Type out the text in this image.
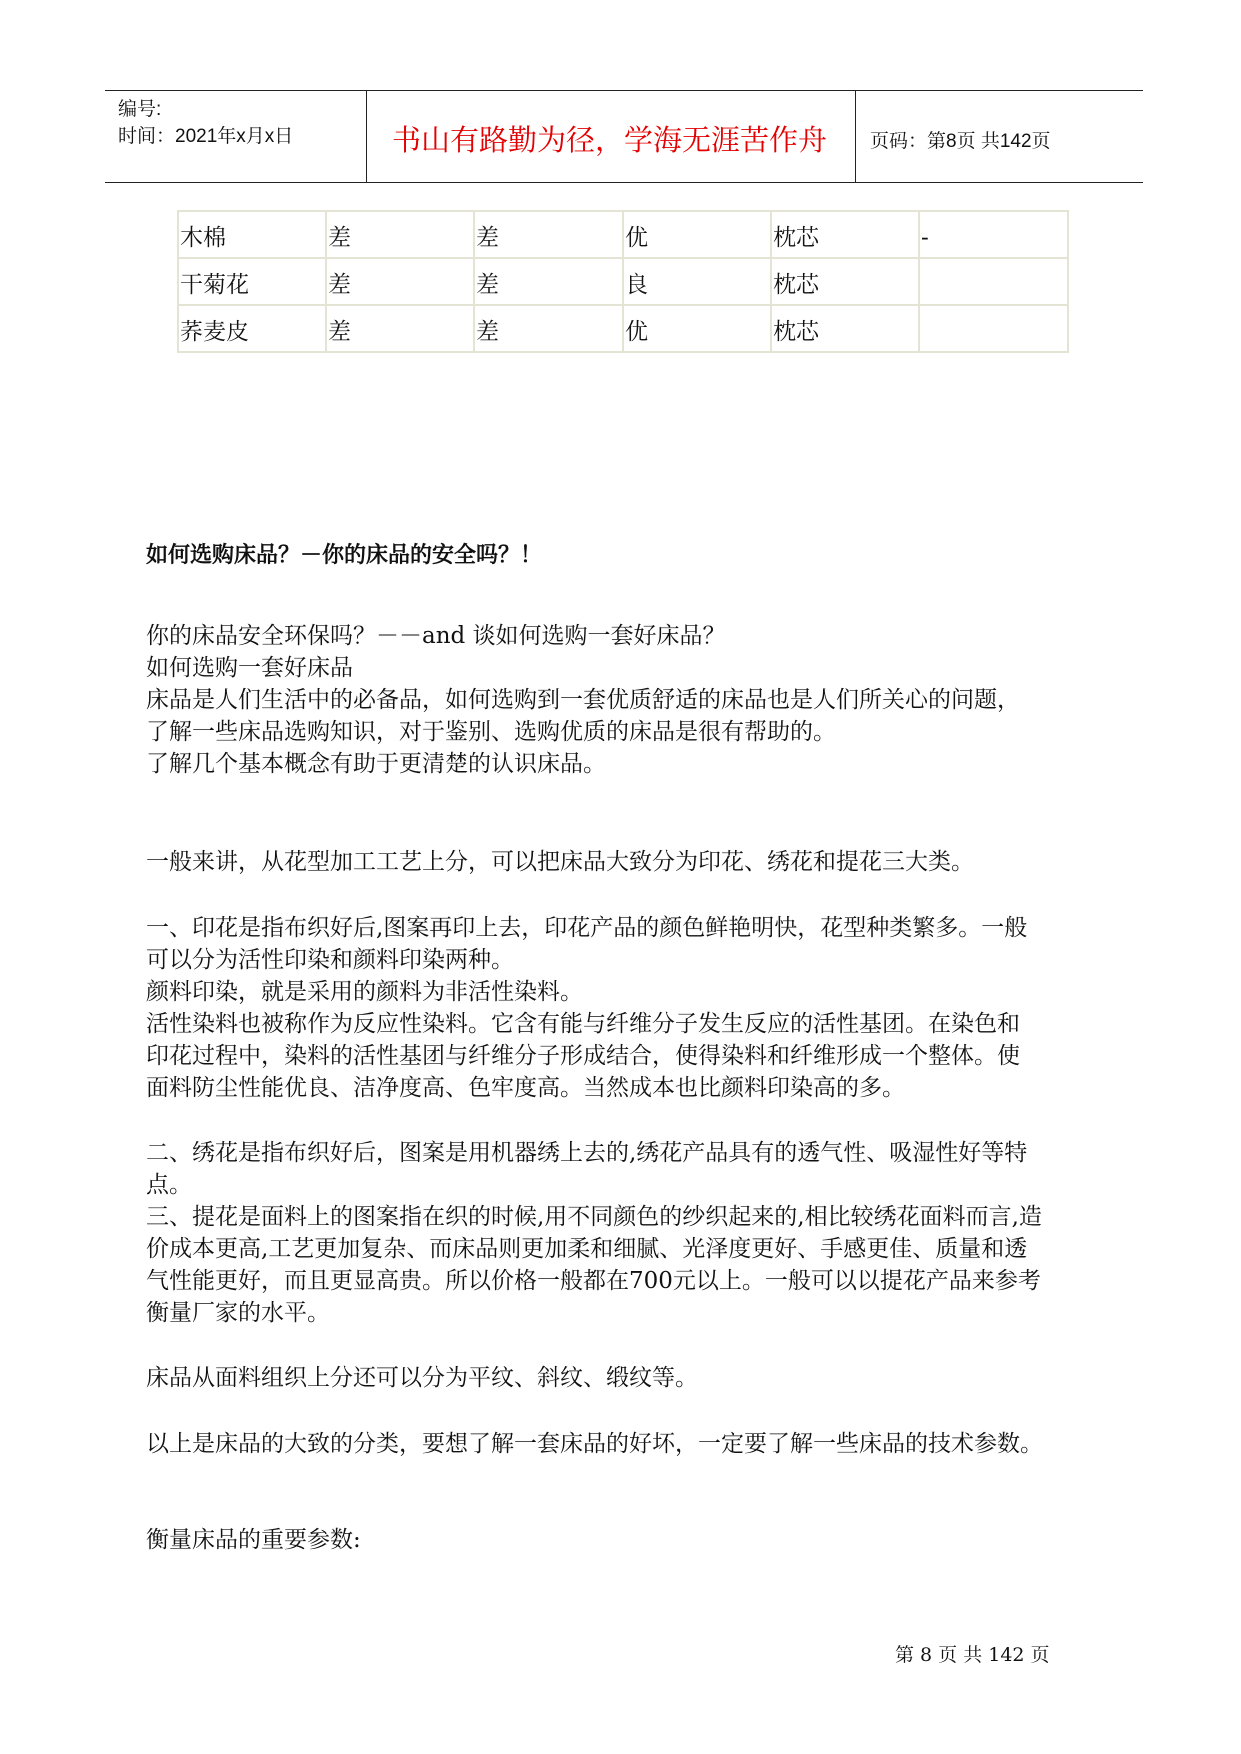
编号:
时间：2021年x月x日	书山有路勤为径，学海无涯苦作舟 页码：第8页 共142页
木棉	差	差	优	枕芯	-
干菊花	差	差	良	枕芯	
荞麦皮	差	差	优	枕芯	
如何选购床品？－你的床品的安全吗？！
你的床品安全环保吗？－－and 谈如何选购一套好床品？
如何选购一套好床品
床品是人们生活中的必备品，如何选购到一套优质舒适的床品也是人们所关心的问题，
了解一些床品选购知识，对于鉴别、选购优质的床品是很有帮助的。
了解几个基本概念有助于更清楚的认识床品。
一般来讲，从花型加工工艺上分，可以把床品大致分为印花、绣花和提花三大类。
一、印花是指布织好后,图案再印上去，印花产品的颜色鲜艳明快，花型种类繁多。一般
可以分为活性印染和颜料印染两种。
颜料印染，就是采用的颜料为非活性染料。
活性染料也被称作为反应性染料。它含有能与纤维分子发生反应的活性基团。在染色和
印花过程中，染料的活性基团与纤维分子形成结合，使得染料和纤维形成一个整体。使
面料防尘性能优良、洁净度高、色牢度高。当然成本也比颜料印染高的多。
二、绣花是指布织好后，图案是用机器绣上去的,绣花产品具有的透气性、吸湿性好等特
点。
三、提花是面料上的图案指在织的时候,用不同颜色的纱织起来的,相比较绣花面料而言,造
价成本更高,工艺更加复杂、而床品则更加柔和细腻、光泽度更好、手感更佳、质量和透
气性能更好，而且更显高贵。所以价格一般都在700元以上。一般可以以提花产品来参考
衡量厂家的水平。
床品从面料组织上分还可以分为平纹、斜纹、缎纹等。
以上是床品的大致的分类，要想了解一套床品的好坏，一定要了解一些床品的技术参数。
衡量床品的重要参数:
第 8 页 共 142 页
